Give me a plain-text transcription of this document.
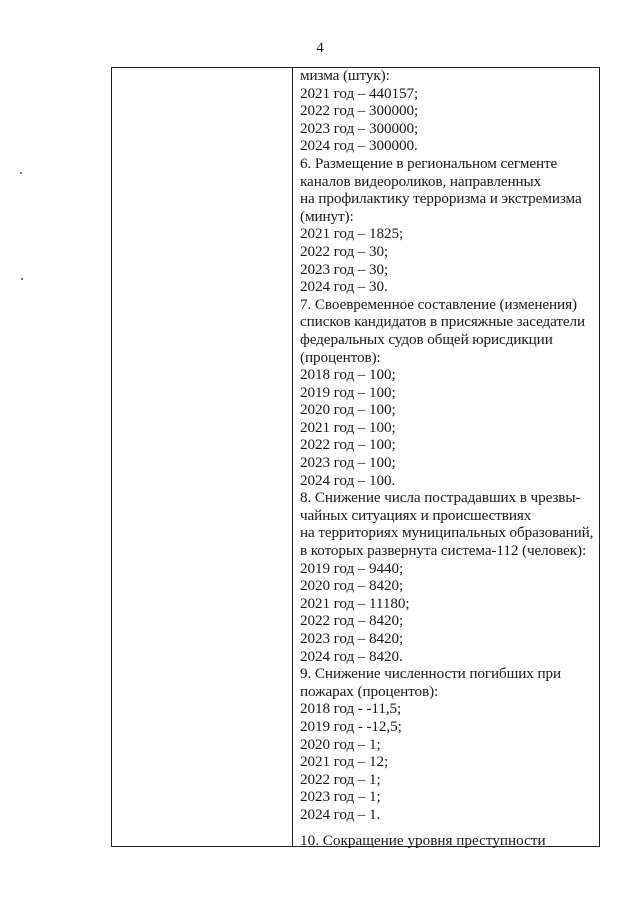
4
мизма (штук):
2021 год – 440157;
2022 год – 300000;
2023 год – 300000;
2024 год – 300000.
6. Размещение в региональном сегменте
каналов видеороликов, направленных
на профилактику терроризма и экстремизма
(минут):
2021 год – 1825;
2022 год – 30;
2023 год – 30;
2024 год – 30.
7. Своевременное составление (изменения)
списков кандидатов в присяжные заседатели
федеральных судов общей юрисдикции
(процентов):
2018 год – 100;
2019 год – 100;
2020 год – 100;
2021 год – 100;
2022 год – 100;
2023 год – 100;
2024 год – 100.
8. Снижение числа пострадавших в чрезвы-
чайных ситуациях и происшествиях
на территориях муниципальных образований,
в которых развернута система-112 (человек):
2019 год – 9440;
2020 год – 8420;
2021 год – 11180;
2022 год – 8420;
2023 год – 8420;
2024 год – 8420.
9. Снижение численности погибших при
пожарах (процентов):
2018 год - -11,5;
2019 год - -12,5;
2020 год – 1;
2021 год – 12;
2022 год – 1;
2023 год – 1;
2024 год – 1.
10. Сокращение уровня преступности
